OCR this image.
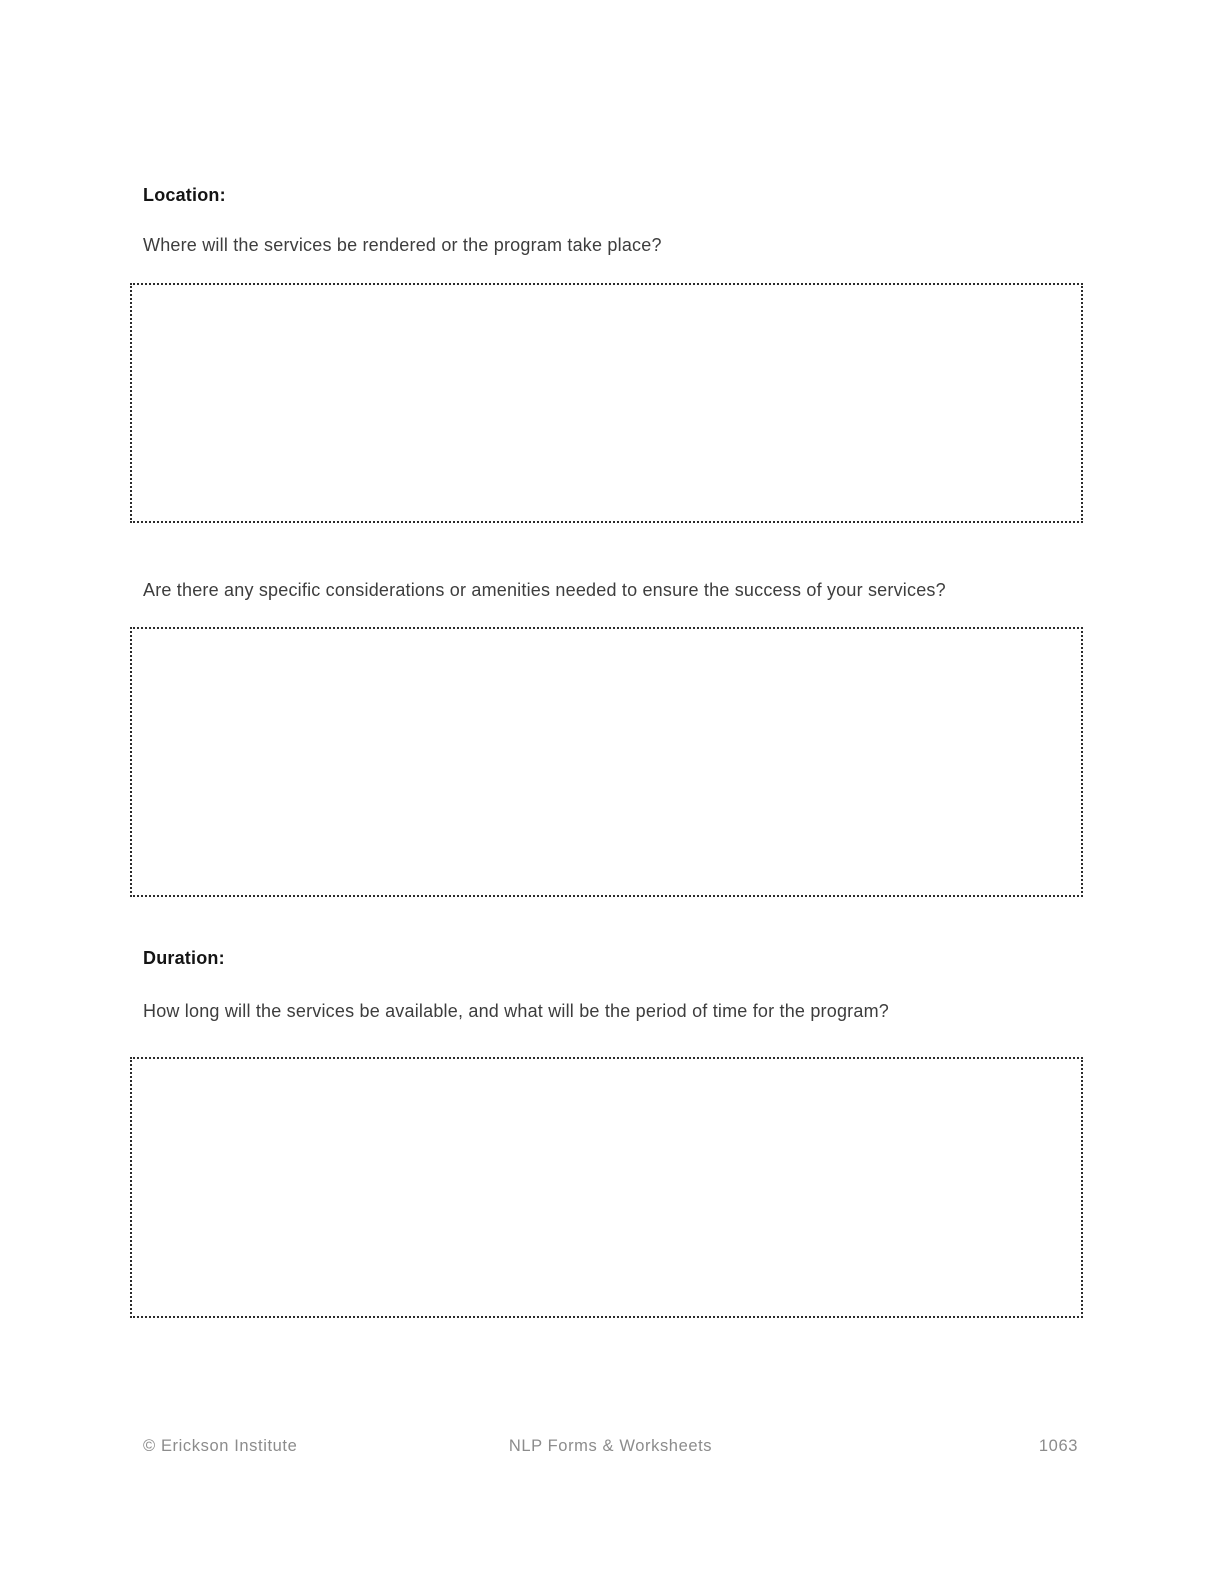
Location:
Where will the services be rendered or the program take place?
Are there any specific considerations or amenities needed to ensure the success of your services?
Duration:
How long will the services be available, and what will be the period of time for the program?
© Erickson Institute	NLP Forms & Worksheets	1063
